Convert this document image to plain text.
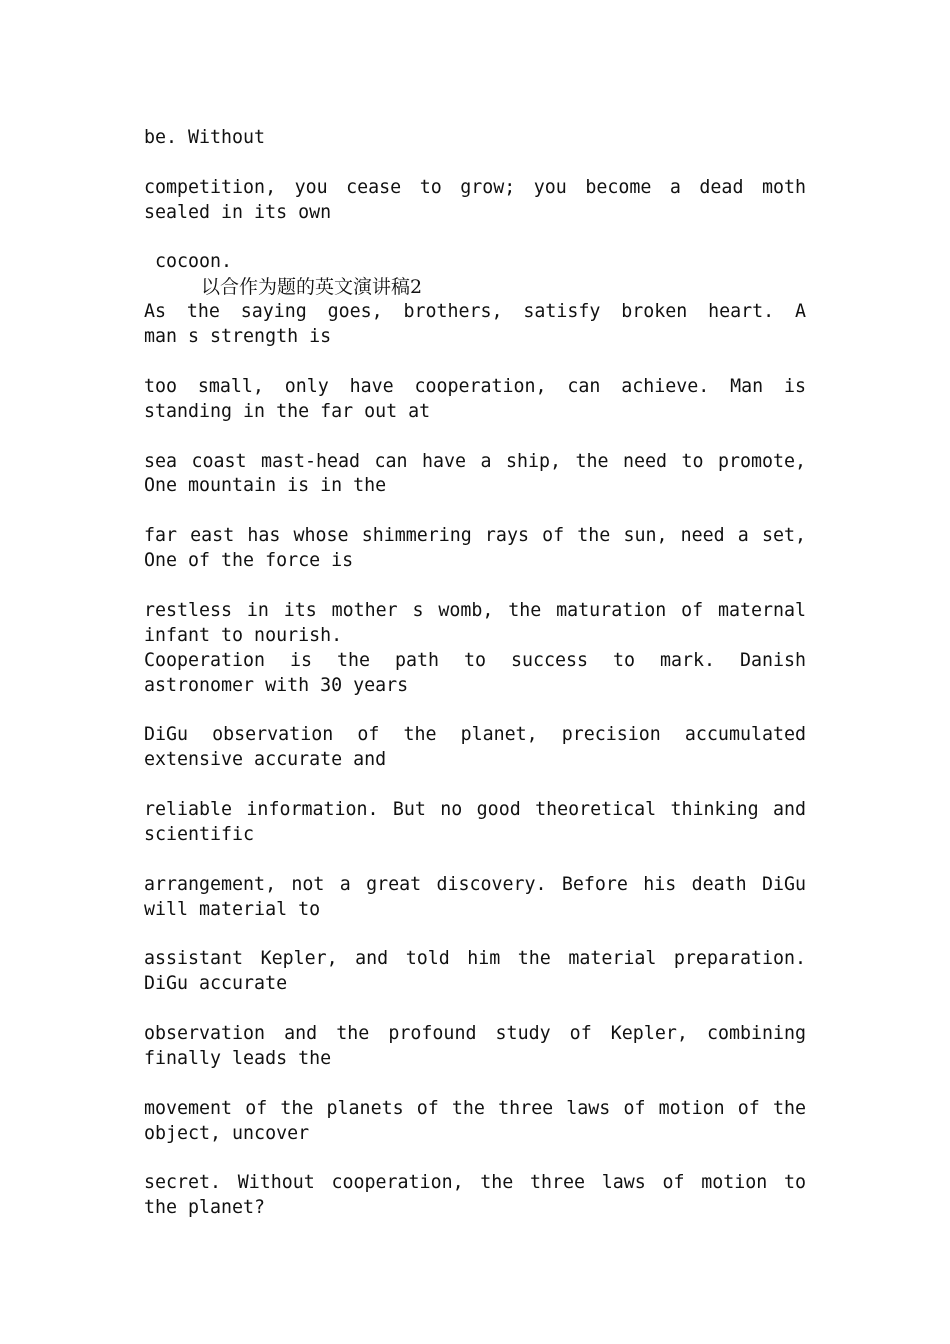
be. Without
competition, you cease to grow; you become a dead moth
sealed in its own
cocoon.
以合作为题的英文演讲稿2
As the saying goes, brothers, satisfy broken heart. A
man s strength is
too small, only have cooperation, can achieve. Man is
standing in the far out at
sea coast mast-head can have a ship, the need to promote,
One mountain is in the
far east has whose shimmering rays of the sun, need a set,
One of the force is
restless in its mother s womb, the maturation of maternal
infant to nourish.
Cooperation is the path to success to mark. Danish
astronomer with 30 years
DiGu observation of the planet, precision accumulated
extensive accurate and
reliable information. But no good theoretical thinking and
scientific
arrangement, not a great discovery. Before his death DiGu
will material to
assistant Kepler, and told him the material preparation.
DiGu accurate
observation and the profound study of Kepler, combining
finally leads the
movement of the planets of the three laws of motion of the
object, uncover
secret. Without cooperation, the three laws of motion to
the planet?
